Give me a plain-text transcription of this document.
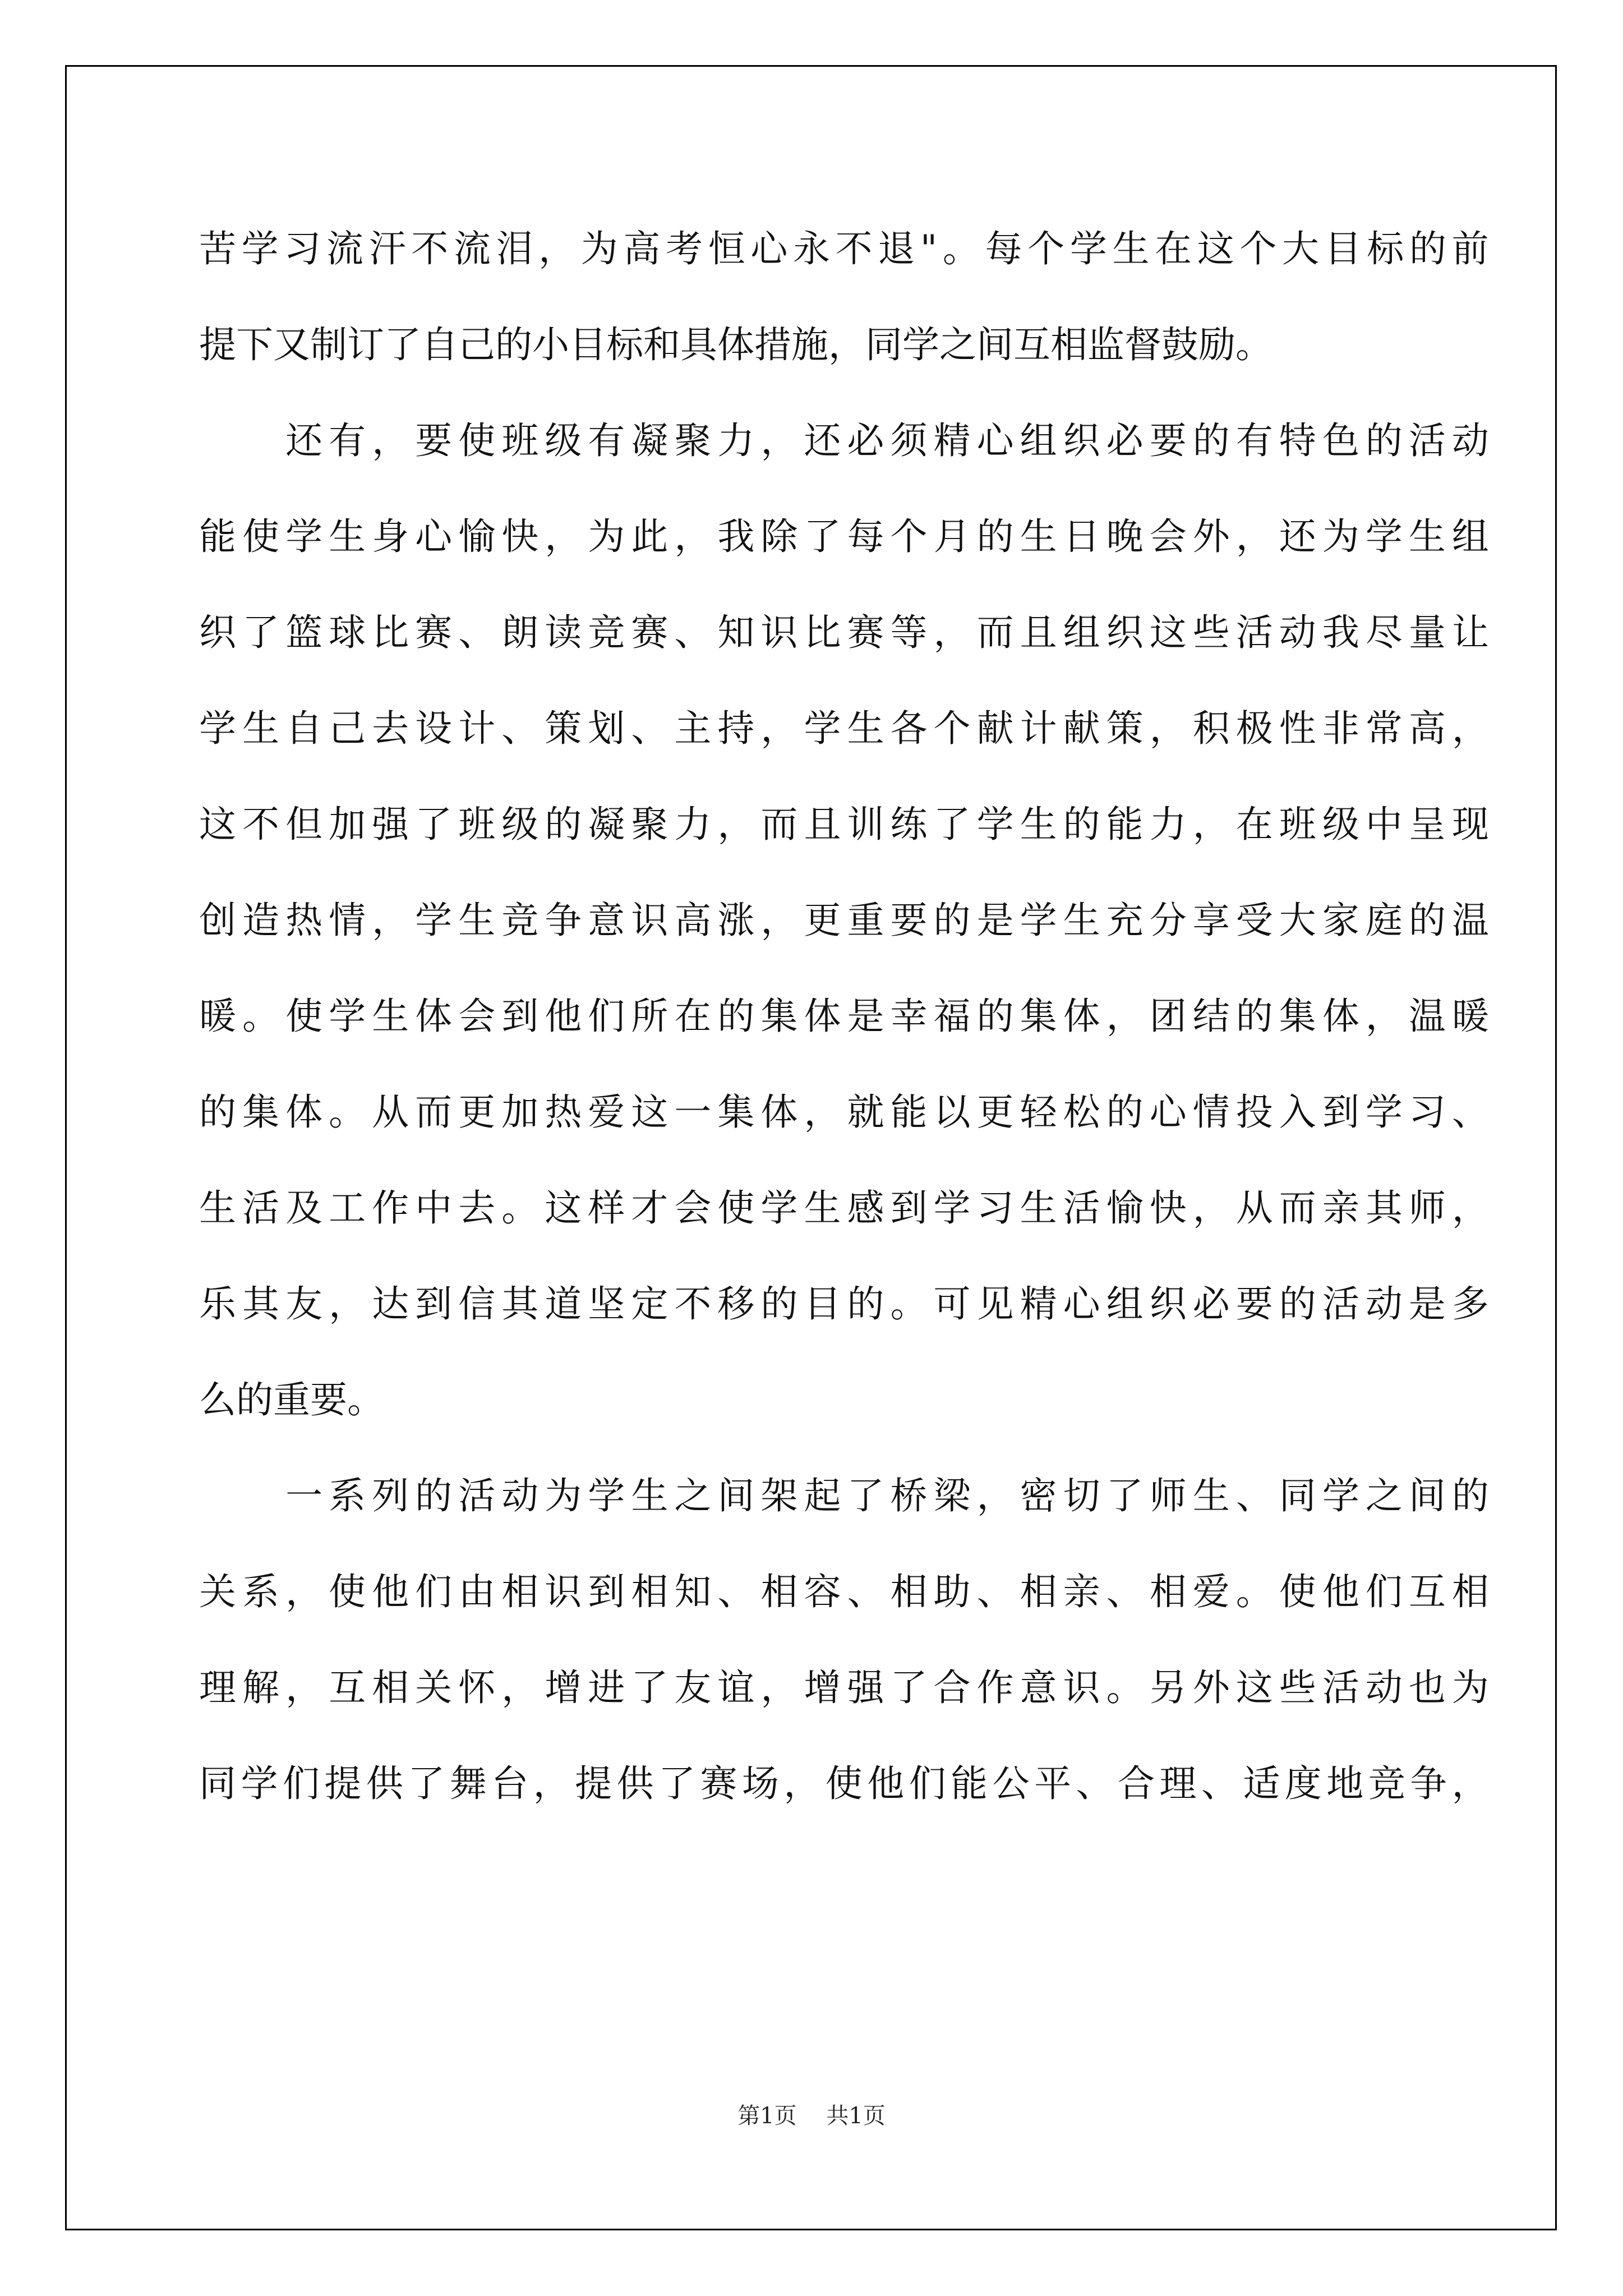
苦 学 习 流 汗 不 流 泪 ， 为 高 考 恒 心 永 不 退 " 。 每 个 学 生 在 这 个 大 目 标 的 前
提 下 又 制 订 了 自 己 的 小 目 标 和 具 体 措 施 ， 同 学 之 间 互 相 监 督 鼓 励 。

还 有 ， 要 使 班 级 有 凝 聚 力 ， 还 必 须 精 心 组 织 必 要 的 有 特 色 的 活 动
能 使 学 生 身 心 愉 快 ， 为 此 ， 我 除 了 每 个 月 的 生 日 晚 会 外 ， 还 为 学 生 组
织 了 篮 球 比 赛 、 朗 读 竞 赛 、 知 识 比 赛 等 ， 而 且 组 织 这 些 活 动 我 尽 量 让
学 生 自 己 去 设 计 、 策 划 、 主 持 ， 学 生 各 个 献 计 献 策 ， 积 极 性 非 常 高 ，
这 不 但 加 强 了 班 级 的 凝 聚 力 ， 而 且 训 练 了 学 生 的 能 力 ， 在 班 级 中 呈 现
创 造 热 情 ， 学 生 竞 争 意 识 高 涨 ， 更 重 要 的 是 学 生 充 分 享 受 大 家 庭 的 温
暖 。 使 学 生 体 会 到 他 们 所 在 的 集 体 是 幸 福 的 集 体 ， 团 结 的 集 体 ， 温 暖
的 集 体 。 从 而 更 加 热 爱 这 一 集 体 ， 就 能 以 更 轻 松 的 心 情 投 入 到 学 习 、
生 活 及 工 作 中 去 。 这 样 才 会 使 学 生 感 到 学 习 生 活 愉 快 ， 从 而 亲 其 师 ，
乐 其 友 ， 达 到 信 其 道 坚 定 不 移 的 目 的 。 可 见 精 心 组 织 必 要 的 活 动 是 多
么 的 重 要 。

一 系 列 的 活 动 为 学 生 之 间 架 起 了 桥 梁 ， 密 切 了 师 生 、 同 学 之 间 的
关 系 ， 使 他 们 由 相 识 到 相 知 、 相 容 、 相 助 、 相 亲 、 相 爱 。 使 他 们 互 相
理 解 ， 互 相 关 怀 ， 增 进 了 友 谊 ， 增 强 了 合 作 意 识 。 另 外 这 些 活 动 也 为
同 学 们 提 供 了 舞 台 ， 提 供 了 赛 场 ， 使 他 们 能 公 平 、 合 理 、 适 度 地 竞 争 ，
第1页 共1页
